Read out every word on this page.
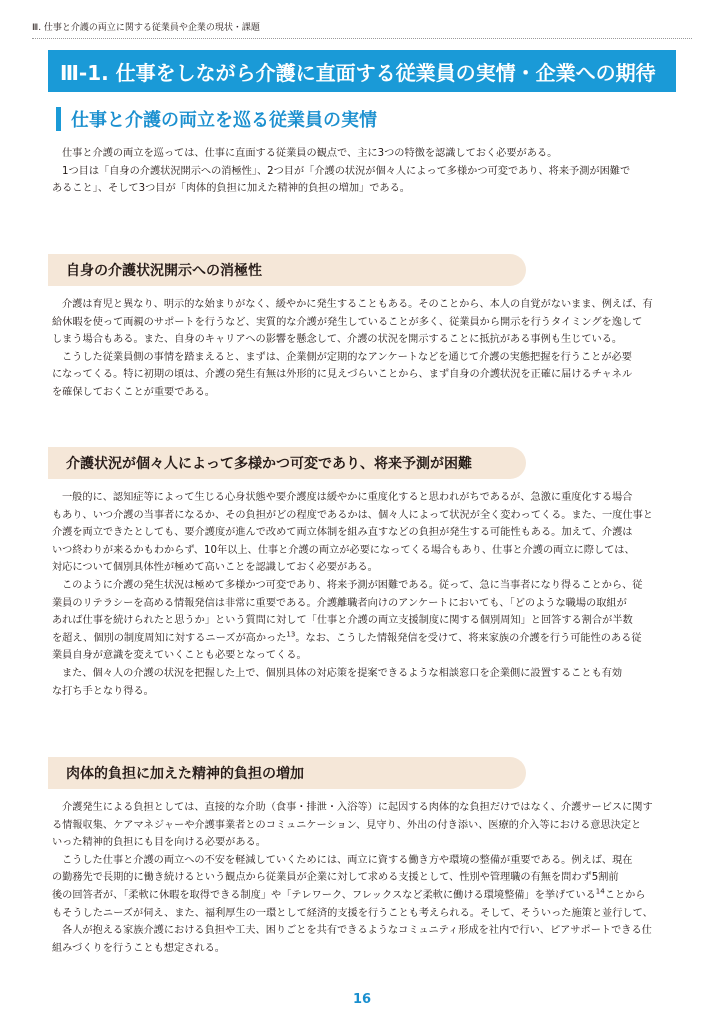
Ⅲ. 仕事と介護の両立に関する従業員や企業の現状・課題
Ⅲ-1. 仕事をしながら介護に直面する従業員の実情・企業への期待
仕事と介護の両立を巡る従業員の実情
仕事と介護の両立を巡っては、仕事に直面する従業員の観点で、主に3つの特徴を認識しておく必要がある。
1つ目は「自身の介護状況開示への消極性」、2つ目が「介護の状況が個々人によって多様かつ可変であり、将来予測が困難で
あること」、そして3つ目が「肉体的負担に加えた精神的負担の増加」である。
自身の介護状況開示への消極性
介護は育児と異なり、明示的な始まりがなく、緩やかに発生することもある。そのことから、本人の自覚がないまま、例えば、有
給休暇を使って両親のサポートを行うなど、実質的な介護が発生していることが多く、従業員から開示を行うタイミングを逸して
しまう場合もある。また、自身のキャリアへの影響を懸念して、介護の状況を開示することに抵抗がある事例も生じている。
こうした従業員側の事情を踏まえると、まずは、企業側が定期的なアンケートなどを通じて介護の実態把握を行うことが必要
になってくる。特に初期の頃は、介護の発生有無は外形的に見えづらいことから、まず自身の介護状況を正確に届けるチャネル
を確保しておくことが重要である。
介護状況が個々人によって多様かつ可変であり、将来予測が困難
一般的に、認知症等によって生じる心身状態や要介護度は緩やかに重度化すると思われがちであるが、急激に重度化する場合
もあり、いつ介護の当事者になるか、その負担がどの程度であるかは、個々人によって状況が全く変わってくる。また、一度仕事と
介護を両立できたとしても、要介護度が進んで改めて両立体制を組み直すなどの負担が発生する可能性もある。加えて、介護は
いつ終わりが来るかもわからず、10年以上、仕事と介護の両立が必要になってくる場合もあり、仕事と介護の両立に際しては、
対応について個別具体性が極めて高いことを認識しておく必要がある。
このように介護の発生状況は極めて多様かつ可変であり、将来予測が困難である。従って、急に当事者になり得ることから、従
業員のリテラシーを高める情報発信は非常に重要である。介護離職者向けのアンケートにおいても、「どのような職場の取組が
あれば仕事を続けられたと思うか」という質問に対して「仕事と介護の両立支援制度に関する個別周知」と回答する割合が半数
を超え、個別の制度周知に対するニーズが高かった$^{13}$。なお、こうした情報発信を受けて、将来家族の介護を行う可能性のある従
業員自身が意識を変えていくことも必要となってくる。
また、個々人の介護の状況を把握した上で、個別具体の対応策を提案できるような相談窓口を企業側に設置することも有効
な打ち手となり得る。
肉体的負担に加えた精神的負担の増加
介護発生による負担としては、直接的な介助（食事・排泄・入浴等）に起因する肉体的な負担だけではなく、介護サービスに関す
る情報収集、ケアマネジャーや介護事業者とのコミュニケーション、見守り、外出の付き添い、医療的介入等における意思決定と
いった精神的負担にも目を向ける必要がある。
こうした仕事と介護の両立への不安を軽減していくためには、両立に資する働き方や環境の整備が重要である。例えば、現在
の勤務先で長期的に働き続けるという観点から従業員が企業に対して求める支援として、性別や管理職の有無を問わず5割前
後の回答者が、「柔軟に休暇を取得できる制度」や「テレワーク、フレックスなど柔軟に働ける環境整備」を挙げている$^{14}$ことから
もそうしたニーズが伺え、また、福利厚生の一環として経済的支援を行うことも考えられる。そして、そういった施策と並行して、
各人が抱える家族介護における負担や工夫、困りごとを共有できるようなコミュニティ形成を社内で行い、ピアサポートできる仕
組みづくりを行うことも想定される。
16
